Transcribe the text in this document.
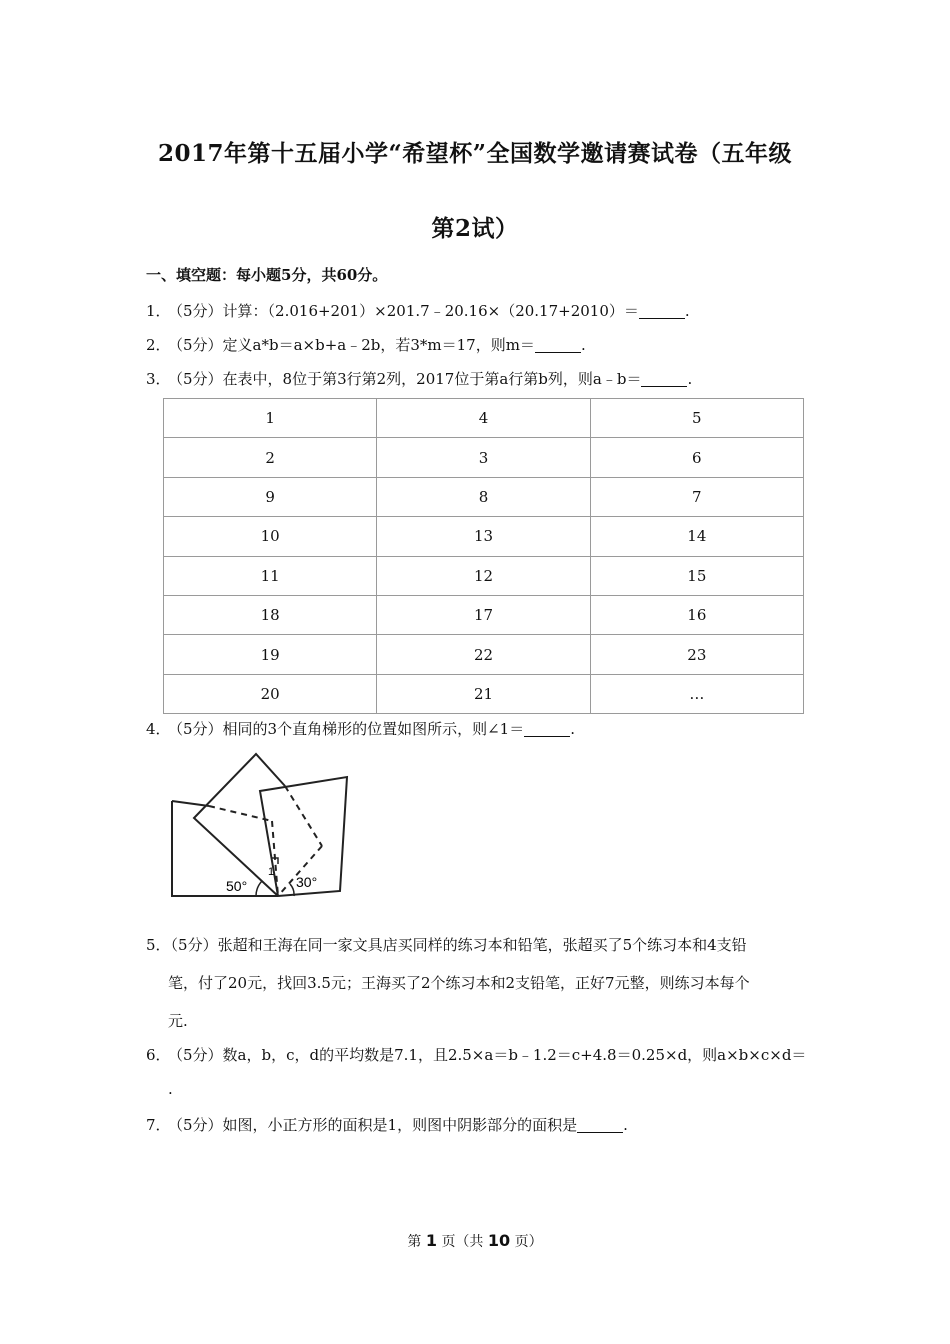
2017年第十五届小学“希望杯”全国数学邀请赛试卷（五年级
第2试）
一、填空题：每小题5分，共60分。
1．（5分）计算：（2.016+201）×201.7﹣20.16×（20.17+2010）＝	.
2．（5分）定义a*b＝a×b+a﹣2b，若3*m＝17，则m＝	.
3．（5分）在表中，8位于第3行第2列，2017位于第a行第b列，则a﹣b＝	.
1	4	5
2	3	6
9	8	7
10	13	14
11	12	15
18	17	16
19	22	23
20	21	…
4．（5分）相同的3个直角梯形的位置如图所示，则∠1＝	.
50°	30°
1
5．（5分）张超和王海在同一家文具店买同样的练习本和铅笔，张超买了5个练习本和4支铅
笔，付了20元，找回3.5元；王海买了2个练习本和2支铅笔，正好7元整，则练习本每个
元.
6．（5分）数a，b，c，d的平均数是7.1，且2.5×a＝b﹣1.2＝c+4.8＝0.25×d，则a×b×c×d＝
.
7．（5分）如图，小正方形的面积是1，则图中阴影部分的面积是	.
第 1 页（共 10 页）
